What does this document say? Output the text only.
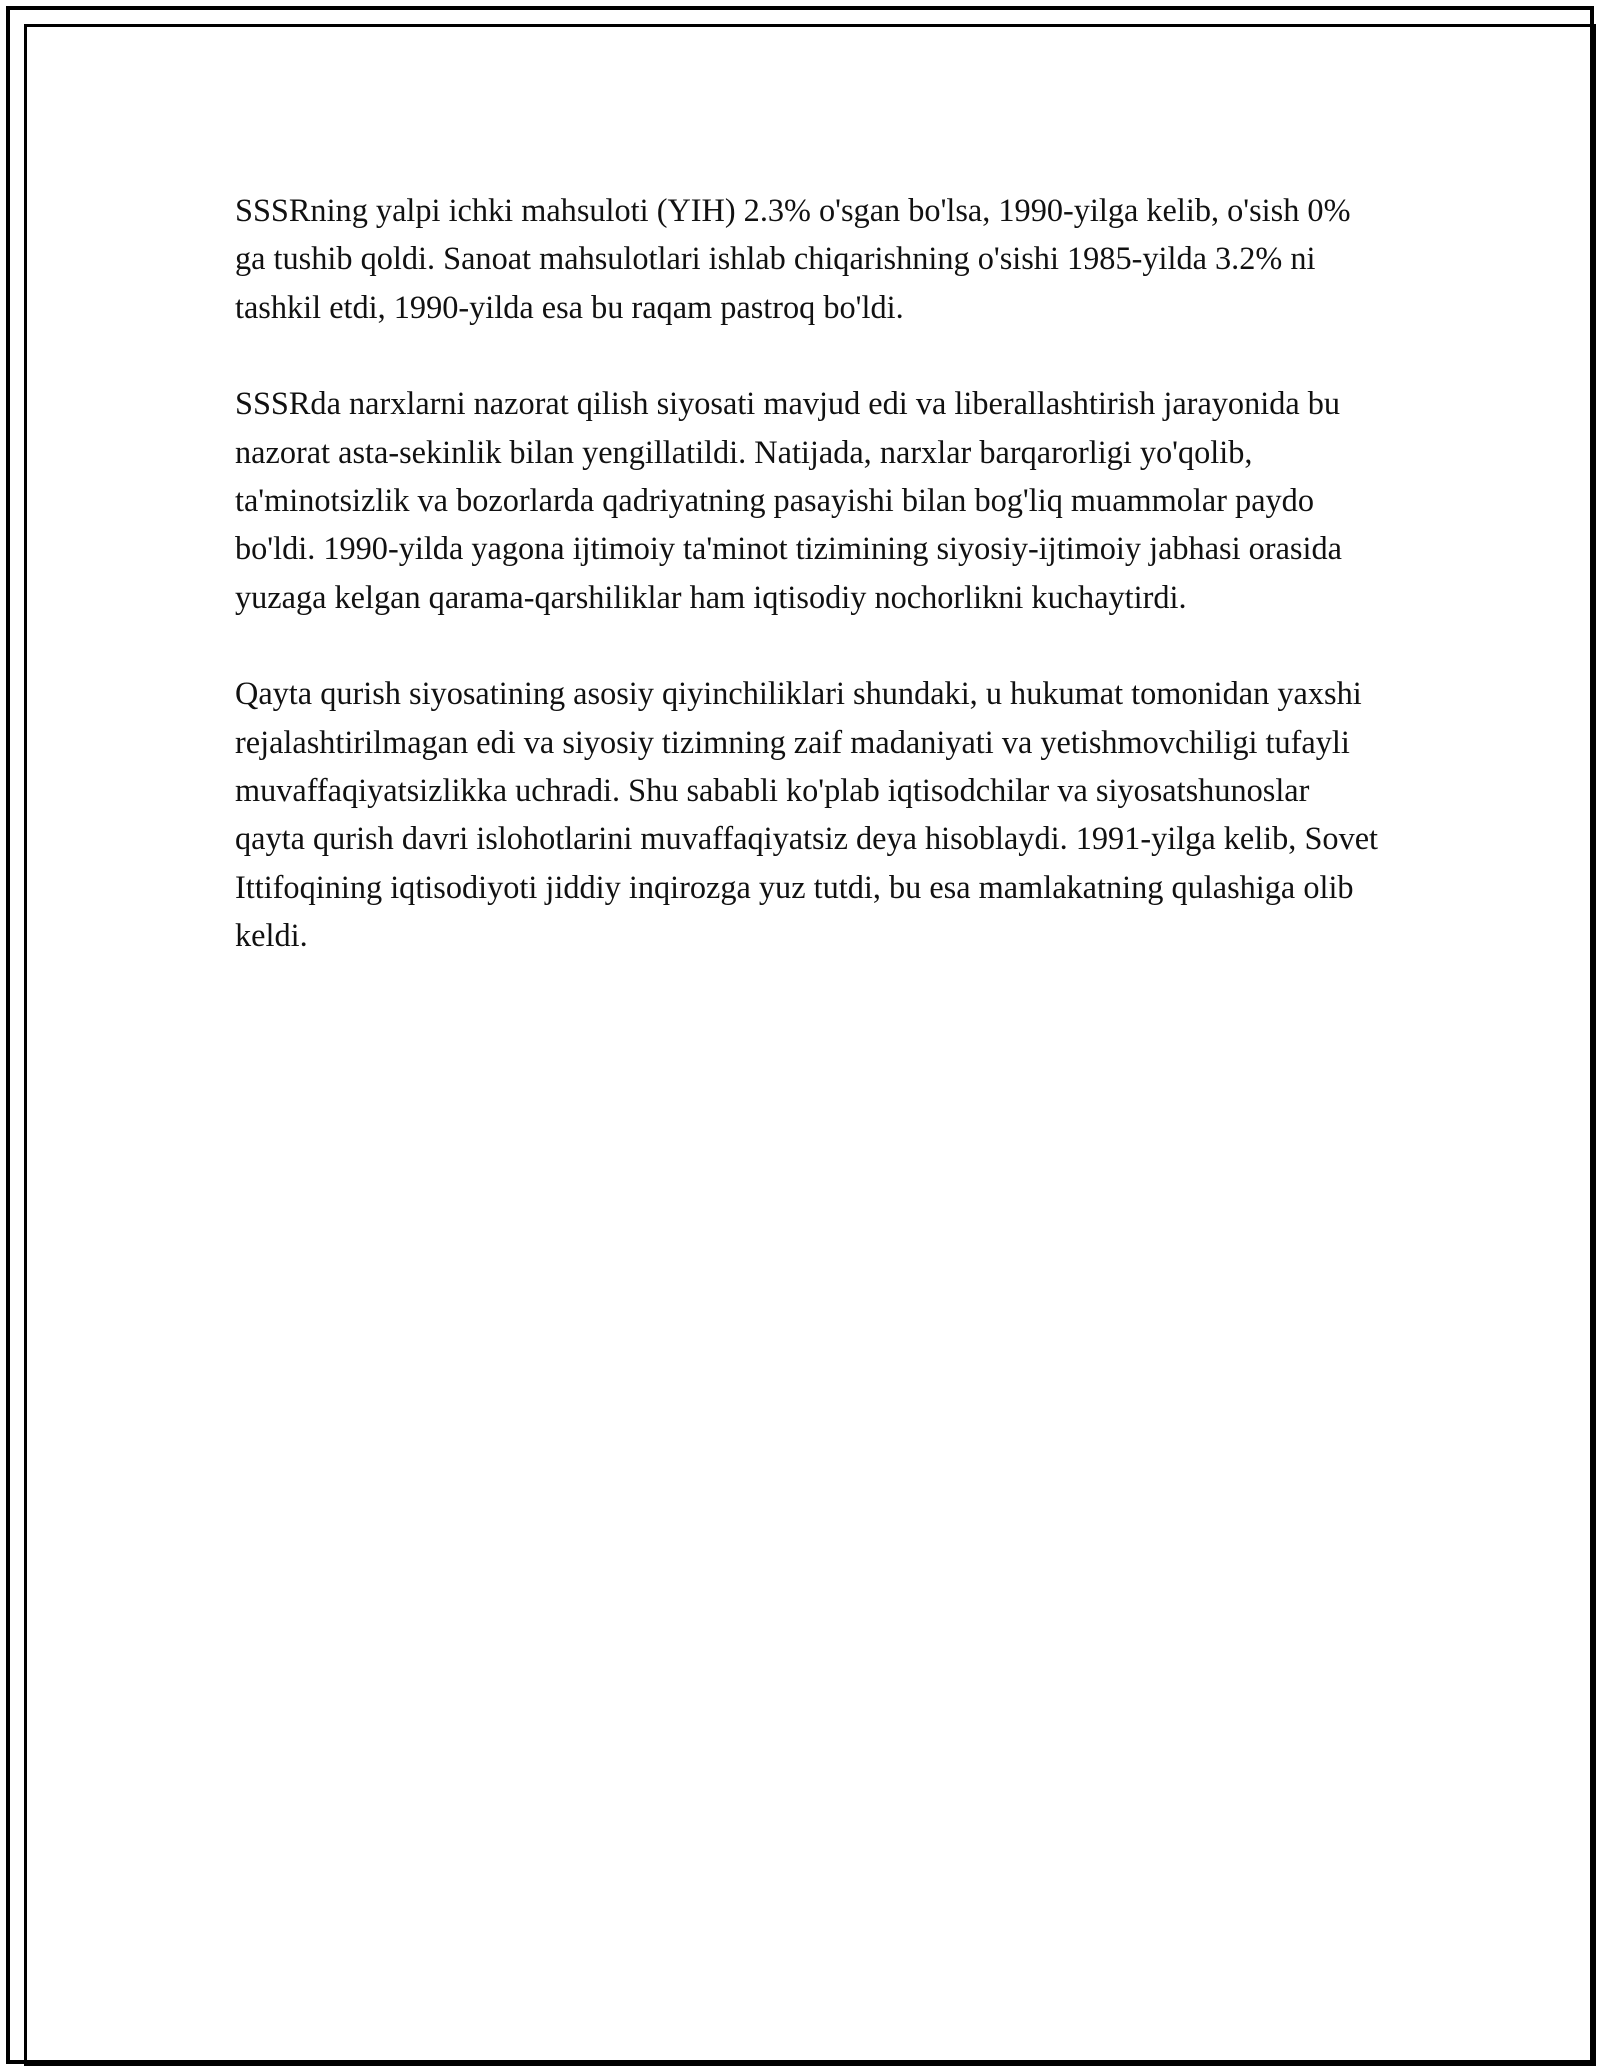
SSSRning yalpi ichki mahsuloti (YIH) 2.3% o'sgan bo'lsa, 1990-yilga kelib, o'sish 0% ga tushib qoldi. Sanoat mahsulotlari ishlab chiqarishning o'sishi 1985-yilda 3.2% ni tashkil etdi, 1990-yilda esa bu raqam pastroq bo'ldi.

SSSRda narxlarni nazorat qilish siyosati mavjud edi va liberallashtirish jarayonida bu nazorat asta-sekinlik bilan yengillatildi. Natijada, narxlar barqarorligi yo'qolib, ta'minotsizlik va bozorlarda qadriyatning pasayishi bilan bog'liq muammolar paydo bo'ldi. 1990-yilda yagona ijtimoiy ta'minot tizimining siyosiy-ijtimoiy jabhasi orasida yuzaga kelgan qarama-qarshiliklar ham iqtisodiy nochorlikni kuchaytirdi.

Qayta qurish siyosatining asosiy qiyinchiliklari shundaki, u hukumat tomonidan yaxshi rejalashtirilmagan edi va siyosiy tizimning zaif madaniyati va yetishmovchiligi tufayli muvaffaqiyatsizlikka uchradi. Shu sababli ko'plab iqtisodchilar va siyosatshunoslar qayta qurish davri islohotlarini muvaffaqiyatsiz deya hisoblaydi. 1991-yilga kelib, Sovet Ittifoqining iqtisodiyoti jiddiy inqirozga yuz tutdi, bu esa mamlakatning qulashiga olib keldi.
